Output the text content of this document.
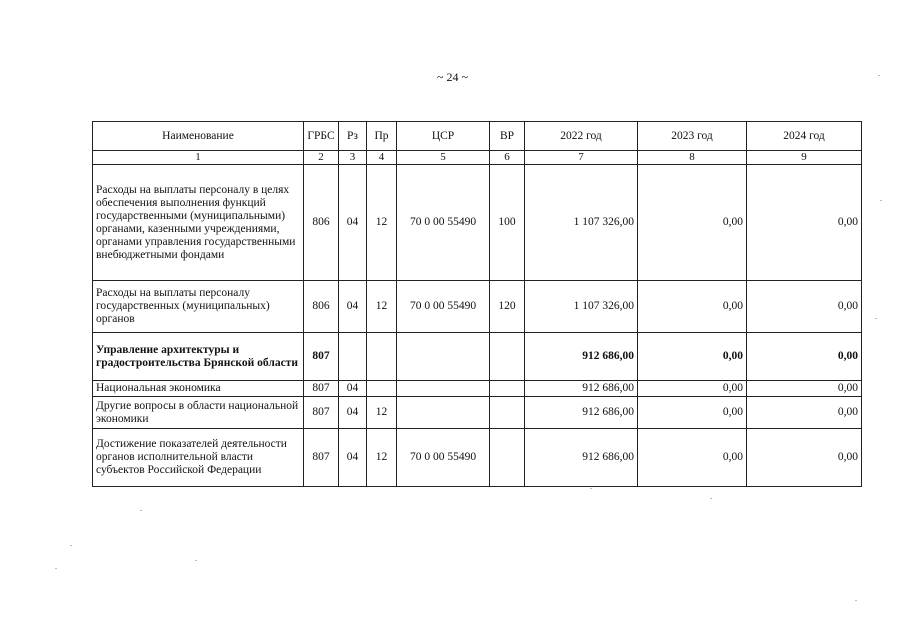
~ 24 ~
Наименование	ГРБС	Рз	Пр	ЦСР	ВР	2022 год	2023 год	2024 год
1	2	3	4	5	6	7	8	9
Расходы на выплаты персоналу в целях обеспечения выполнения функций государственными (муниципальными) органами, казенными учреждениями, органами управления государственными внебюджетными фондами	806	04	12	70 0 00 55490	100	1 107 326,00	0,00	0,00
Расходы на выплаты персоналу государственных (муниципальных) органов	806	04	12	70 0 00 55490	120	1 107 326,00	0,00	0,00
Управление архитектуры и градостроительства Брянской области	807					912 686,00	0,00	0,00
Национальная экономика	807	04				912 686,00	0,00	0,00
Другие вопросы в области национальной экономики	807	04	12			912 686,00	0,00	0,00
Достижение показателей деятельности органов исполнительной власти субъектов Российской Федерации	807	04	12	70 0 00 55490		912 686,00	0,00	0,00
